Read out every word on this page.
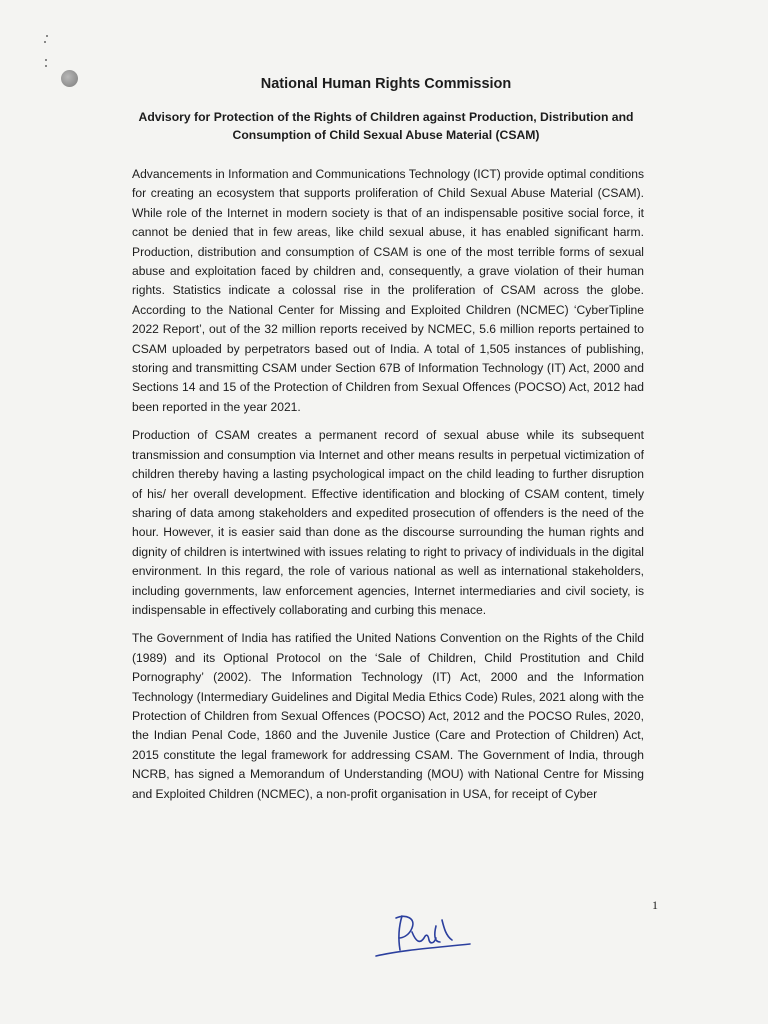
National Human Rights Commission
Advisory for Protection of the Rights of Children against Production, Distribution and Consumption of Child Sexual Abuse Material (CSAM)

Advancements in Information and Communications Technology (ICT) provide optimal conditions for creating an ecosystem that supports proliferation of Child Sexual Abuse Material (CSAM). While role of the Internet in modern society is that of an indispensable positive social force, it cannot be denied that in few areas, like child sexual abuse, it has enabled significant harm. Production, distribution and consumption of CSAM is one of the most terrible forms of sexual abuse and exploitation faced by children and, consequently, a grave violation of their human rights. Statistics indicate a colossal rise in the proliferation of CSAM across the globe. According to the National Center for Missing and Exploited Children (NCMEC) ‘CyberTipline 2022 Report’, out of the 32 million reports received by NCMEC, 5.6 million reports pertained to CSAM uploaded by perpetrators based out of India. A total of 1,505 instances of publishing, storing and transmitting CSAM under Section 67B of Information Technology (IT) Act, 2000 and Sections 14 and 15 of the Protection of Children from Sexual Offences (POCSO) Act, 2012 had been reported in the year 2021.

Production of CSAM creates a permanent record of sexual abuse while its subsequent transmission and consumption via Internet and other means results in perpetual victimization of children thereby having a lasting psychological impact on the child leading to further disruption of his/ her overall development. Effective identification and blocking of CSAM content, timely sharing of data among stakeholders and expedited prosecution of offenders is the need of the hour. However, it is easier said than done as the discourse surrounding the human rights and dignity of children is intertwined with issues relating to right to privacy of individuals in the digital environment. In this regard, the role of various national as well as international stakeholders, including governments, law enforcement agencies, Internet intermediaries and civil society, is indispensable in effectively collaborating and curbing this menace.

The Government of India has ratified the United Nations Convention on the Rights of the Child (1989) and its Optional Protocol on the ‘Sale of Children, Child Prostitution and Child Pornography’ (2002). The Information Technology (IT) Act, 2000 and the Information Technology (Intermediary Guidelines and Digital Media Ethics Code) Rules, 2021 along with the Protection of Children from Sexual Offences (POCSO) Act, 2012 and the POCSO Rules, 2020, the Indian Penal Code, 1860 and the Juvenile Justice (Care and Protection of Children) Act, 2015 constitute the legal framework for addressing CSAM. The Government of India, through NCRB, has signed a Memorandum of Understanding (MOU) with National Centre for Missing and Exploited Children (NCMEC), a non-profit organisation in USA, for receipt of Cyber

1
